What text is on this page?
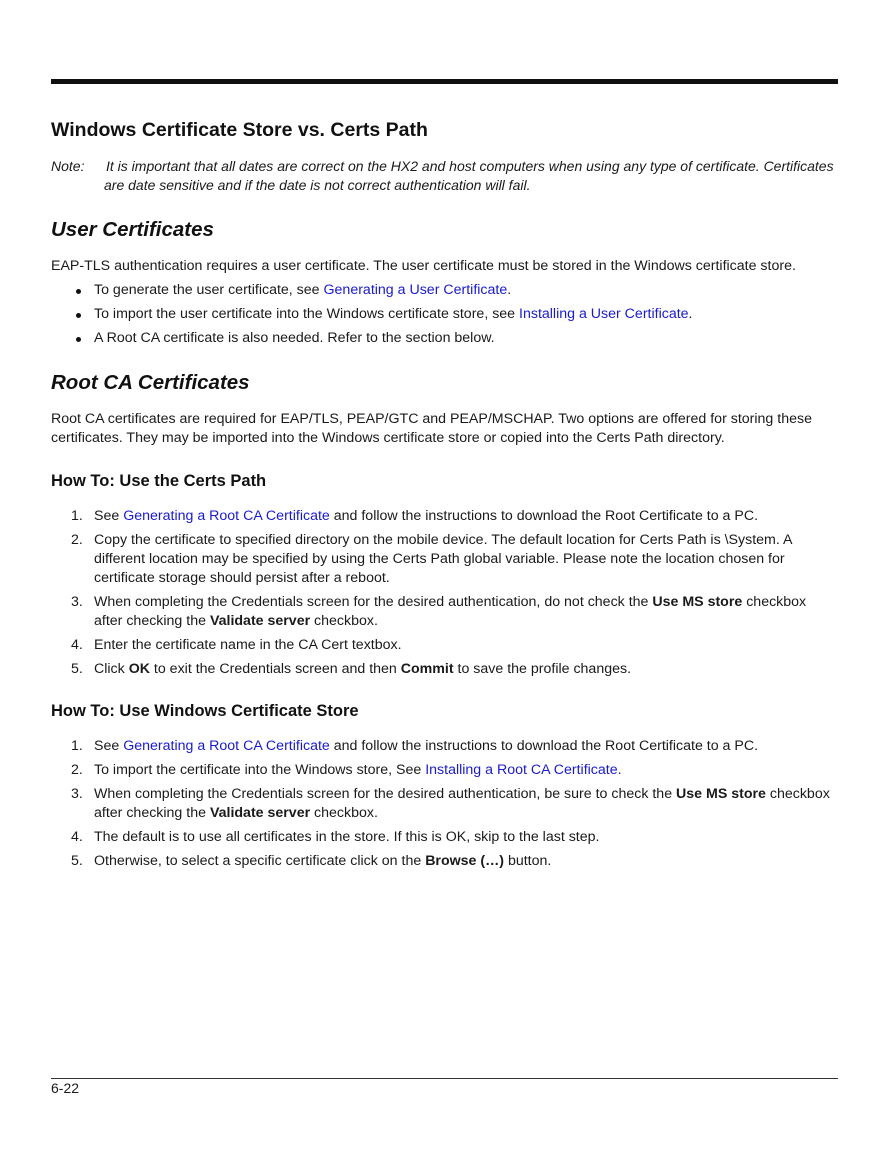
Windows Certificate Store vs. Certs Path
Note:	It is important that all dates are correct on the HX2 and host computers when using any type of certificate. Certificates are date sensitive and if the date is not correct authentication will fail.
User Certificates

EAP-TLS authentication requires a user certificate. The user certificate must be stored in the Windows certificate store.

To generate the user certificate, see Generating a User Certificate.
To import the user certificate into the Windows certificate store, see Installing a User Certificate.
A Root CA certificate is also needed. Refer to the section below.
Root CA Certificates

Root CA certificates are required for EAP/TLS, PEAP/GTC and PEAP/MSCHAP. Two options are offered for storing these certificates. They may be imported into the Windows certificate store or copied into the Certs Path directory.

How To: Use the Certs Path
1. See Generating a Root CA Certificate and follow the instructions to download the Root Certificate to a PC.
2. Copy the certificate to specified directory on the mobile device. The default location for Certs Path is \System. A different location may be specified by using the Certs Path global variable. Please note the location chosen for certificate storage should persist after a reboot.
3. When completing the Credentials screen for the desired authentication, do not check the Use MS store checkbox after checking the Validate server checkbox.
4. Enter the certificate name in the CA Cert textbox.
5. Click OK to exit the Credentials screen and then Commit to save the profile changes.
How To: Use Windows Certificate Store
1. See Generating a Root CA Certificate and follow the instructions to download the Root Certificate to a PC.
2. To import the certificate into the Windows store, See Installing a Root CA Certificate.
3. When completing the Credentials screen for the desired authentication, be sure to check the Use MS store checkbox after checking the Validate server checkbox.
4. The default is to use all certificates in the store. If this is OK, skip to the last step.
5. Otherwise, to select a specific certificate click on the Browse (…) button.
6-22
